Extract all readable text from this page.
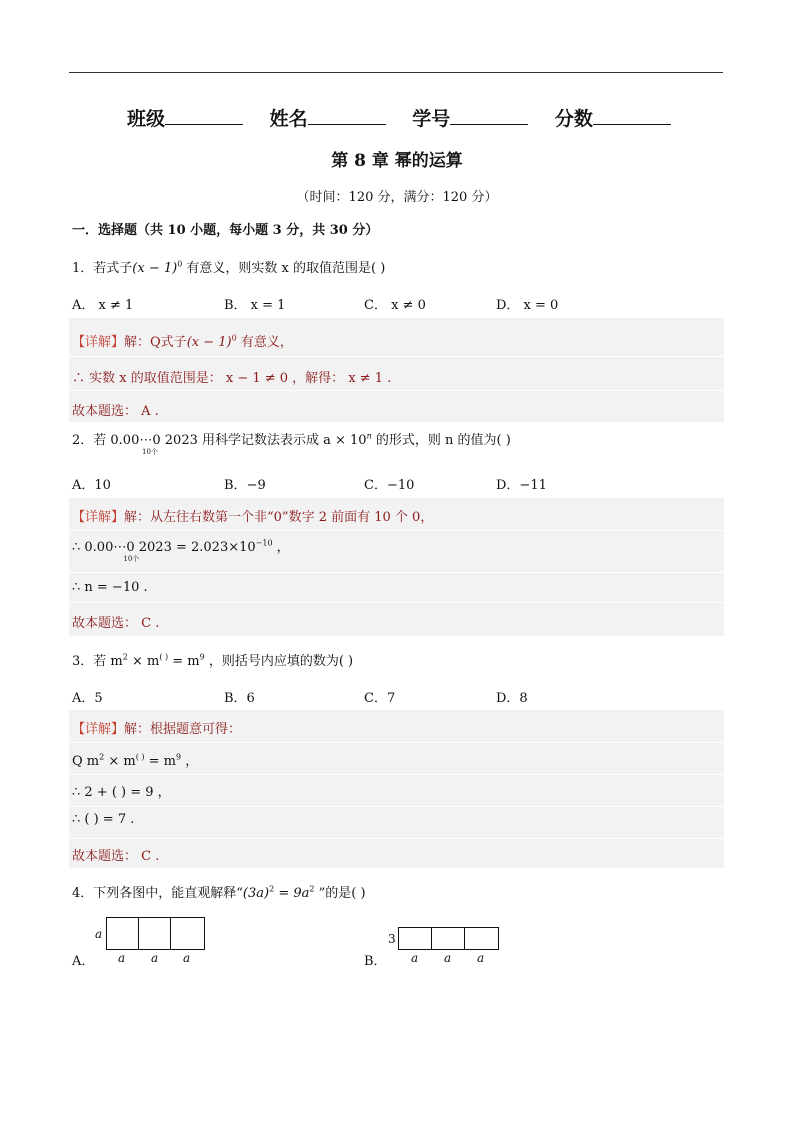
班级	姓名	学号	分数
第 8 章 幂的运算
（时间：120 分，满分：120 分）
一．选择题（共 10 小题，每小题 3 分，共 30 分）
1．若式子$(x - 1)^0$ 有意义，则实数 x 的取值范围是( )
A． x ≠ 1	B． x = 1	C． x ≠ 0	D． x = 0
【详解】解：Q式子$(x - 1)^0$ 有意义，
∴ 实数 x 的取值范围是： x − 1 ≠ 0 ，解得： x ≠ 1 .
故本题选： A .
2．若 0.00⋯0
10个
2023 用科学记数法表示成 $a \times 10^n$ 的形式，则 n 的值为( )
A．10	B．−9	C．−10	D．−11
【详解】解：从左往右数第一个非“0”数字 2 前面有 10 个 0，
∴ 0.00⋯0 2023 = 2.023×10
10个
$^{-10}$ ，
∴ n = −10 .
故本题选： C .
3．若 $m^2 \times m^{( )} = m^9$ ，则括号内应填的数为( )
A．5	B．6	C．7	D．8
【详解】解：根据题意可得：
Q $m^2 \times m^{( )} = m^9$ ，
∴ 2 + ( ) = 9 ，
∴ ( ) = 7 .
故本题选： C .
4．下列各图中，能直观解释“$(3a)^2 = 9a^2$ ”的是( )
A．
a
a a a	B．
3
a a a
